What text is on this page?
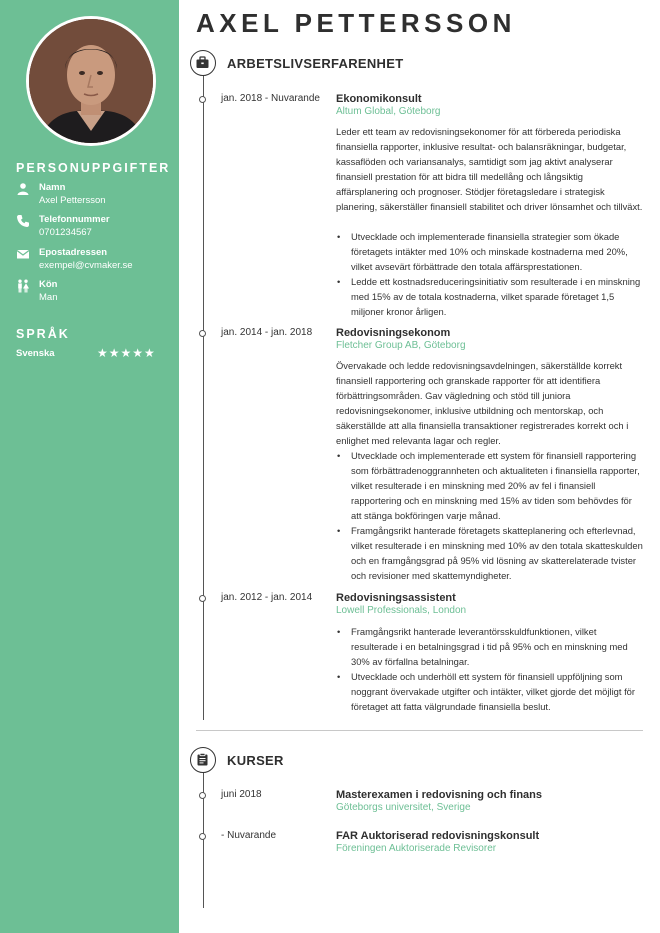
PERSONUPPGIFTER
Namn
Axel Pettersson
Telefonnummer
0701234567
Epostadressen
exempel@cvmaker.se
Kön
Man
SPRÅK
Svenska	★★★★★
AXEL PETTERSSON
ARBETSLIVSERFARENHET
jan. 2018 - Nuvarande Ekonomikonsult
Altum Global, Göteborg

Leder ett team av redovisningsekonomer för att förbereda periodiska finansiella rapporter, inklusive resultat- och balansräkningar, budgetar, kassaflöden och variansanalys, samtidigt som jag aktivt analyserar finansiell prestation för att bidra till medellång och långsiktig affärsplanering och prognoser. Stödjer företagsledare i strategisk planering, säkerställer finansiell stabilitet och driver lönsamhet och tillväxt.

• Utvecklade och implementerade finansiella strategier som ökade företagets intäkter med 10% och minskade kostnaderna med 20%, vilket avsevärt förbättrade den totala affärsprestationen.
• Ledde ett kostnadsreduceringsinitiativ som resulterade i en minskning med 15% av de totala kostnaderna, vilket sparade företaget 1,5 miljoner kronor årligen.
jan. 2014 - jan. 2018 Redovisningsekonom
Fletcher Group AB, Göteborg

Övervakade och ledde redovisningsavdelningen, säkerställde korrekt finansiell rapportering och granskade rapporter för att identifiera förbättringsområden. Gav vägledning och stöd till juniora redovisningsekonomer, inklusive utbildning och mentorskap, och säkerställde att alla finansiella transaktioner registrerades korrekt och i enlighet med relevanta lagar och regler.

• Utvecklade och implementerade ett system för finansiell rapportering som förbättradenoggrannheten och aktualiteten i finansiella rapporter, vilket resulterade i en minskning med 20% av fel i finansiell rapportering och en minskning med 15% av tiden som behövdes för att stänga bokföringen varje månad.
• Framgångsrikt hanterade företagets skatteplanering och efterlevnad, vilket resulterade i en minskning med 10% av den totala skatteskulden och en framgångsgrad på 95% vid lösning av skatterelaterade tvister och revisioner med skattemyndigheter.
jan. 2012 - jan. 2014 Redovisningsassistent
Lowell Professionals, London
• Framgångsrikt hanterade leverantörsskuldfunktionen, vilket resulterade i en betalningsgrad i tid på 95% och en minskning med 30% av förfallna betalningar.
• Utvecklade och underhöll ett system för finansiell uppföljning som noggrant övervakade utgifter och intäkter, vilket gjorde det möjligt för företaget att fatta välgrundade finansiella beslut.
KURSER
juni 2018	Masterexamen i redovisning och finans
Göteborgs universitet, Sverige
- Nuvarande	FAR Auktoriserad redovisningskonsult
Föreningen Auktoriserade Revisorer
